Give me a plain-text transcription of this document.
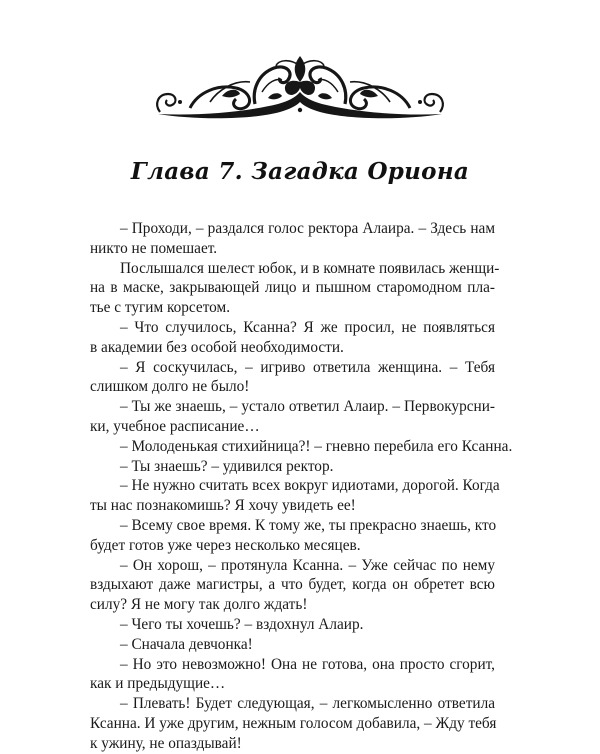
Глава 7. Загадка Ориона
– Проходи, – раздался голос ректора Алаира. – Здесь нам
никто не помешает.
Послышался шелест юбок, и в комнате появилась женщи-
на в маске, закрывающей лицо и пышном старомодном пла-
тье с тугим корсетом.
– Что случилось, Ксанна? Я же просил, не появляться
в академии без особой необходимости.
– Я соскучилась, – игриво ответила женщина. – Тебя
слишком долго не было!
– Ты же знаешь, – устало ответил Алаир. – Первокурсни-
ки, учебное расписание…
– Молоденькая стихийница?! – гневно перебила его Ксанна.
– Ты знаешь? – удивился ректор.
– Не нужно считать всех вокруг идиотами, дорогой. Когда
ты нас познакомишь? Я хочу увидеть ее!
– Всему свое время. К тому же, ты прекрасно знаешь, кто
будет готов уже через несколько месяцев.
– Он хорош, – протянула Ксанна. – Уже сейчас по нему
вздыхают даже магистры, а что будет, когда он обретет всю
силу? Я не могу так долго ждать!
– Чего ты хочешь? – вздохнул Алаир.
– Сначала девчонка!
– Но это невозможно! Она не готова, она просто сгорит,
как и предыдущие…
– Плевать! Будет следующая, – легкомысленно ответила
Ксанна. И уже другим, нежным голосом добавила, – Жду тебя
к ужину, не опаздывай!
